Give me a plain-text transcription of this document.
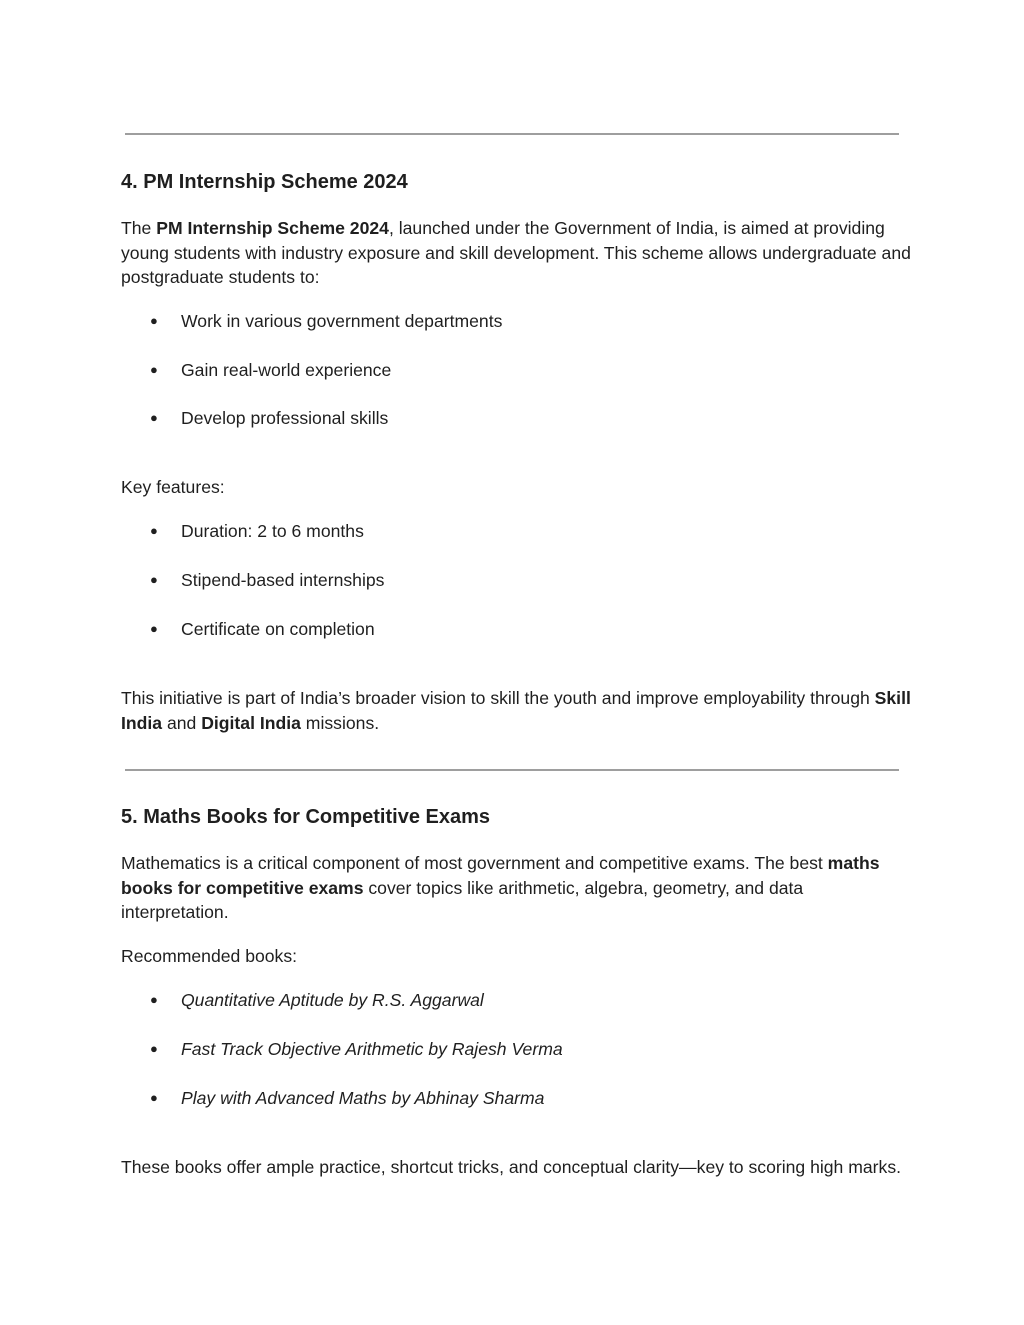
4. PM Internship Scheme 2024

The PM Internship Scheme 2024, launched under the Government of India, is aimed at providing young students with industry exposure and skill development. This scheme allows undergraduate and postgraduate students to:

● Work in various government departments
● Gain real-world experience
● Develop professional skills

Key features:

● Duration: 2 to 6 months
● Stipend-based internships
● Certificate on completion

This initiative is part of India’s broader vision to skill the youth and improve employability through Skill India and Digital India missions.

5. Maths Books for Competitive Exams

Mathematics is a critical component of most government and competitive exams. The best maths books for competitive exams cover topics like arithmetic, algebra, geometry, and data interpretation.

Recommended books:

● Quantitative Aptitude by R.S. Aggarwal
● Fast Track Objective Arithmetic by Rajesh Verma
● Play with Advanced Maths by Abhinay Sharma

These books offer ample practice, shortcut tricks, and conceptual clarity—key to scoring high marks.
